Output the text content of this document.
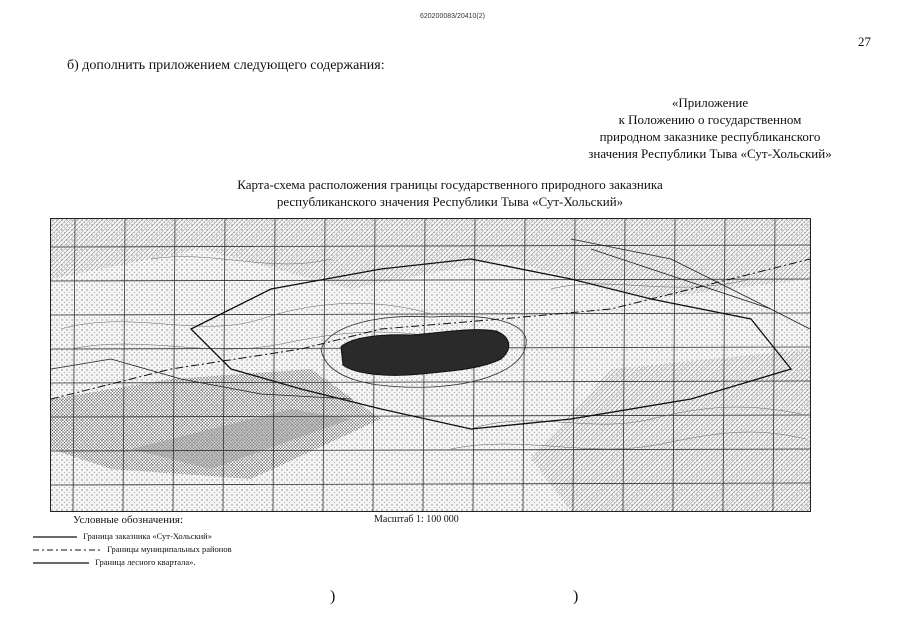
620200083/20410(2)
27
б) дополнить приложением следующего содержания:
«Приложение
к Положению о государственном
природном заказнике республиканского
значения Республики Тыва «Сут-Хольский»
Карта-схема расположения границы государственного природного заказника
республиканского значения Республики Тыва «Сут-Хольский»
Условные обозначения:	Масштаб 1: 100 000
Граница заказника «Сут-Хольский»
Границы муниципальных районов
Граница лесного квартала».
)	)
